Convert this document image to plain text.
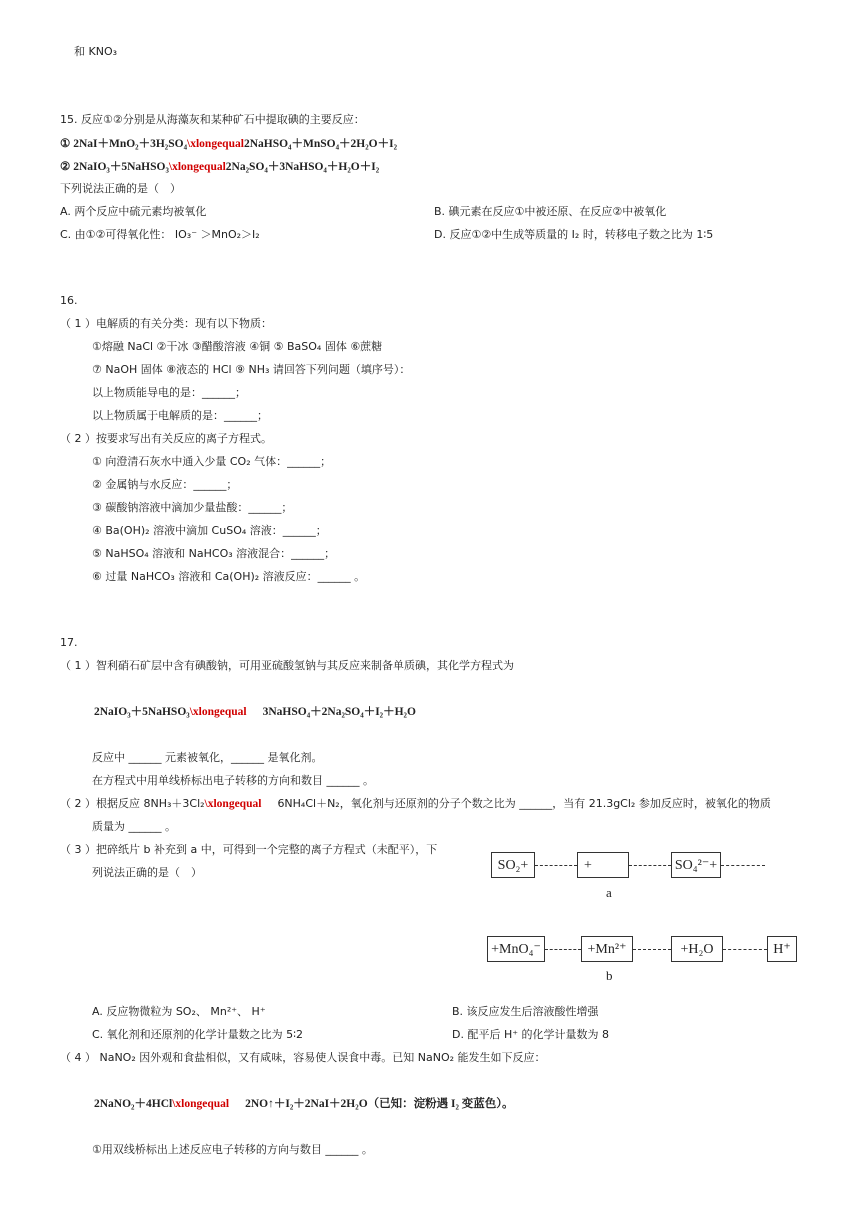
和 KNO₃
15. 反应①②分别是从海藻灰和某种矿石中提取碘的主要反应：
① 2NaI＋MnO₂＋3H₂SO₄\xlongequal2NaHSO₄＋MnSO₄＋2H₂O＋I₂
② 2NaIO₃＋5NaHSO₃\xlongequal2Na₂SO₄＋3NaHSO₄＋H₂O＋I₂
下列说法正确的是（　）
A. 两个反应中硫元素均被氧化	B. 碘元素在反应①中被还原、在反应②中被氧化
C. 由①②可得氧化性： IO₃⁻ ＞MnO₂＞I₂	D. 反应①②中生成等质量的 I₂ 时，转移电子数之比为 1∶5
16.
（ 1 ）电解质的有关分类：现有以下物质：
①熔融 NaCl ②干冰 ③醋酸溶液 ④铜 ⑤ BaSO₄ 固体 ⑥蔗糖
⑦ NaOH 固体 ⑧液态的 HCl ⑨ NH₃ 请回答下列问题（填序号）：
以上物质能导电的是：______；
以上物质属于电解质的是：______；
（ 2 ）按要求写出有关反应的离子方程式。
① 向澄清石灰水中通入少量 CO₂ 气体：______；
② 金属钠与水反应：______；
③ 碳酸钠溶液中滴加少量盐酸：______；
④ Ba(OH)₂ 溶液中滴加 CuSO₄ 溶液：______；
⑤ NaHSO₄ 溶液和 NaHCO₃ 溶液混合：______；
⑥ 过量 NaHCO₃ 溶液和 Ca(OH)₂ 溶液反应：______ 。
17.
（ 1 ）智利硝石矿层中含有碘酸钠，可用亚硫酸氢钠与其反应来制备单质碘，其化学方程式为
2NaIO₃＋5NaHSO₃\xlongequal 3NaHSO₄＋2Na₂SO₄＋I₂＋H₂O
反应中 ______ 元素被氧化，______ 是氧化剂。
在方程式中用单线桥标出电子转移的方向和数目 ______ 。
（ 2 ）根据反应 8NH₃＋3Cl₂\xlongequal 6NH₄Cl＋N₂，氧化剂与还原剂的分子个数之比为 ______，当有 21.3gCl₂ 参加反应时，被氧化的物质
质量为 ______ 。
（ 3 ）把碎纸片 b 补充到 a 中，可得到一个完整的离子方程式（未配平），下
列说法正确的是（　）	SO₂+	+	SO₄²⁻+
a
+MnO₄⁻	+Mn²⁺	+H₂O	H⁺
b
A. 反应物微粒为 SO₂、 Mn²⁺、 H⁺	B. 该反应发生后溶液酸性增强
C. 氧化剂和还原剂的化学计量数之比为 5∶2	D. 配平后 H⁺ 的化学计量数为 8
（ 4 ） NaNO₂ 因外观和食盐相似，又有咸味，容易使人误食中毒。已知 NaNO₂ 能发生如下反应：
2NaNO₂＋4HCl\xlongequal 2NO↑＋I₂＋2NaI＋2H₂O（已知：淀粉遇 I₂ 变蓝色）。
①用双线桥标出上述反应电子转移的方向与数目 ______ 。
